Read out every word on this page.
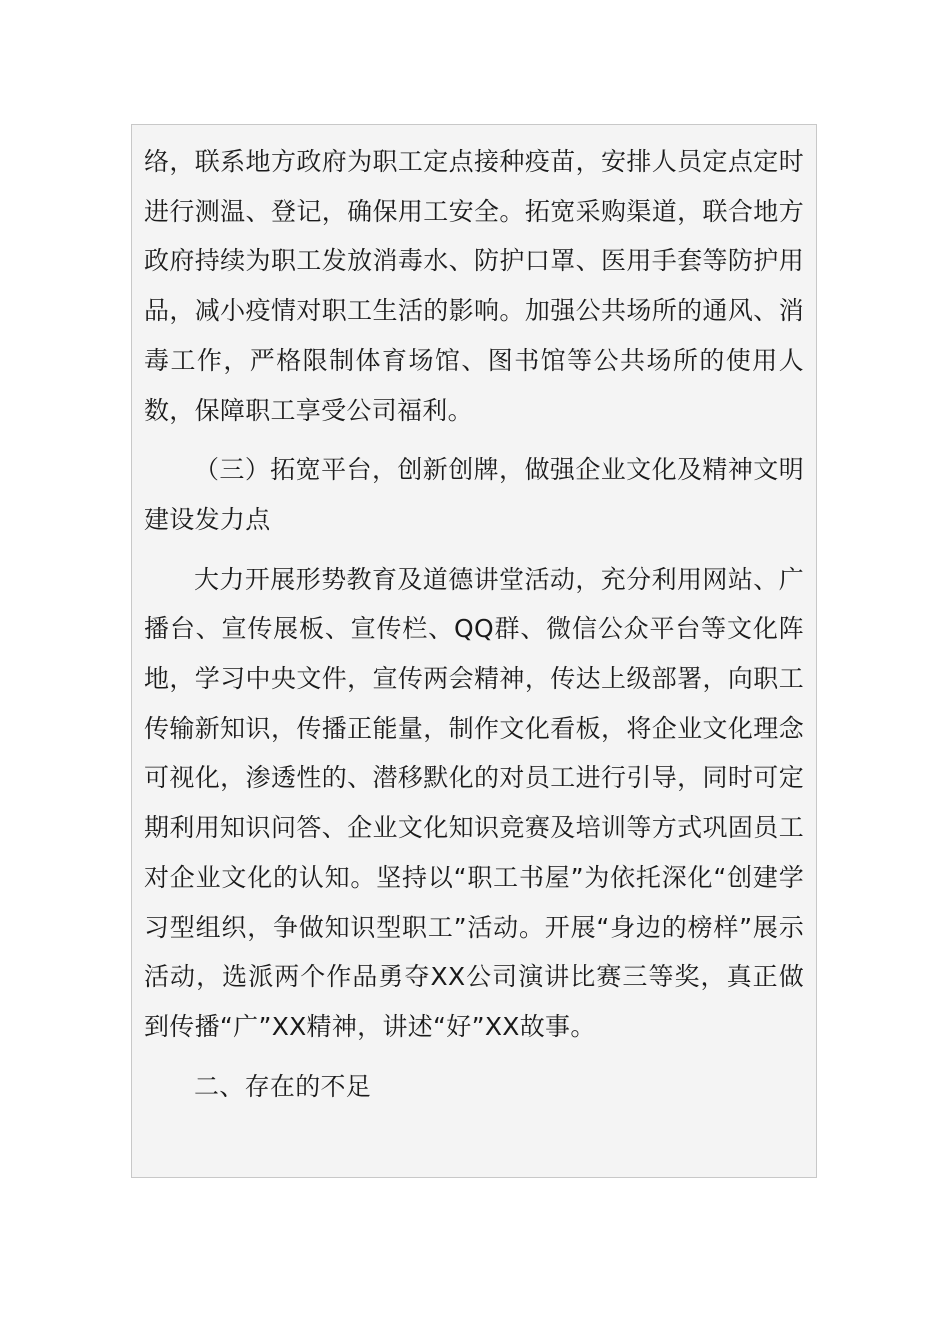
络，联系地方政府为职工定点接种疫苗，安排人员定点定时进行测温、登记，确保用工安全。拓宽采购渠道，联合地方政府持续为职工发放消毒水、防护口罩、医用手套等防护用品，减小疫情对职工生活的影响。加强公共场所的通风、消毒工作，严格限制体育场馆、图书馆等公共场所的使用人数，保障职工享受公司福利。

（三）拓宽平台，创新创牌，做强企业文化及精神文明建设发力点

大力开展形势教育及道德讲堂活动，充分利用网站、广播台、宣传展板、宣传栏、QQ群、微信公众平台等文化阵地，学习中央文件，宣传两会精神，传达上级部署，向职工传输新知识，传播正能量，制作文化看板，将企业文化理念可视化，渗透性的、潜移默化的对员工进行引导，同时可定期利用知识问答、企业文化知识竞赛及培训等方式巩固员工对企业文化的认知。坚持以“职工书屋”为依托深化“创建学习型组织，争做知识型职工”活动。开展“身边的榜样”展示活动，选派两个作品勇夺XX公司演讲比赛三等奖，真正做到传播“广”XX精神，讲述“好”XX故事。

二、存在的不足
